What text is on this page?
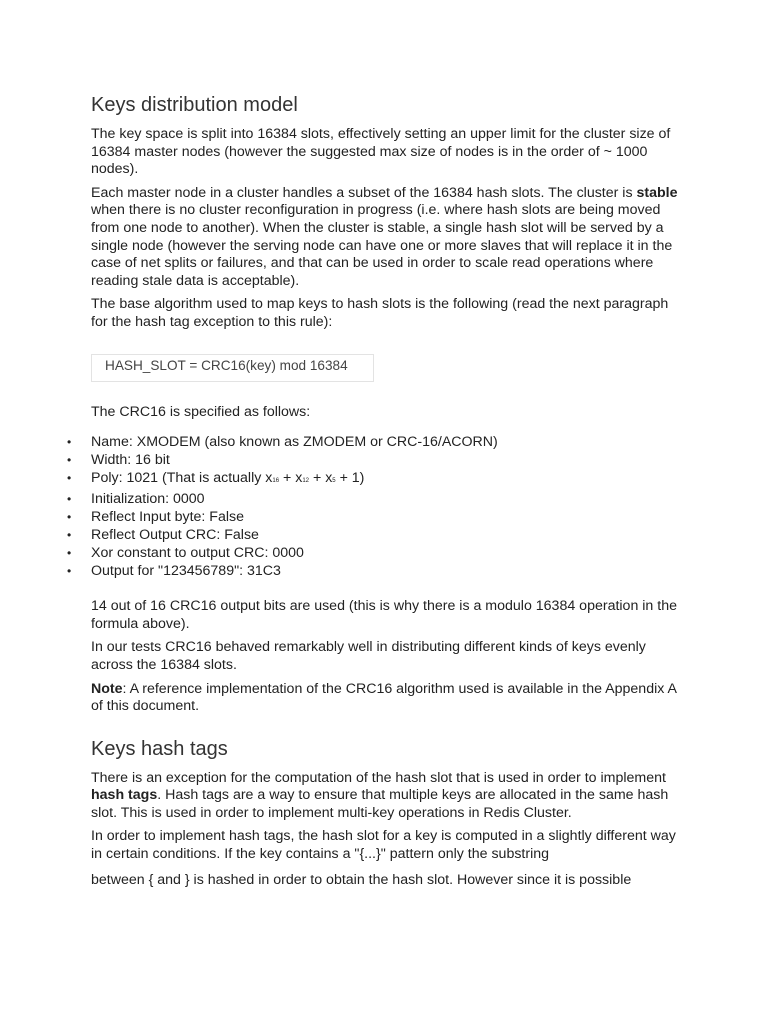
Keys distribution model

The key space is split into 16384 slots, effectively setting an upper limit for the cluster size of 16384 master nodes (however the suggested max size of nodes is in the order of ~ 1000 nodes).

Each master node in a cluster handles a subset of the 16384 hash slots. The cluster is stable when there is no cluster reconfiguration in progress (i.e. where hash slots are being moved from one node to another). When the cluster is stable, a single hash slot will be served by a single node (however the serving node can have one or more slaves that will replace it in the case of net splits or failures, and that can be used in order to scale read operations where reading stale data is acceptable).

The base algorithm used to map keys to hash slots is the following (read the next paragraph for the hash tag exception to this rule):

HASH_SLOT = CRC16(key) mod 16384

The CRC16 is specified as follows:

• Name: XMODEM (also known as ZMODEM or CRC-16/ACORN)
• Width: 16 bit
• Poly: 1021 (That is actually x16 + x12 + x5 + 1)
• Initialization: 0000
• Reflect Input byte: False
• Reflect Output CRC: False
• Xor constant to output CRC: 0000
• Output for "123456789": 31C3

14 out of 16 CRC16 output bits are used (this is why there is a modulo 16384 operation in the formula above).

In our tests CRC16 behaved remarkably well in distributing different kinds of keys evenly across the 16384 slots.

Note: A reference implementation of the CRC16 algorithm used is available in the Appendix A of this document.

Keys hash tags

There is an exception for the computation of the hash slot that is used in order to implement hash tags. Hash tags are a way to ensure that multiple keys are allocated in the same hash slot. This is used in order to implement multi-key operations in Redis Cluster.

In order to implement hash tags, the hash slot for a key is computed in a slightly different way in certain conditions. If the key contains a "{...}" pattern only the substring

between { and } is hashed in order to obtain the hash slot. However since it is possible
